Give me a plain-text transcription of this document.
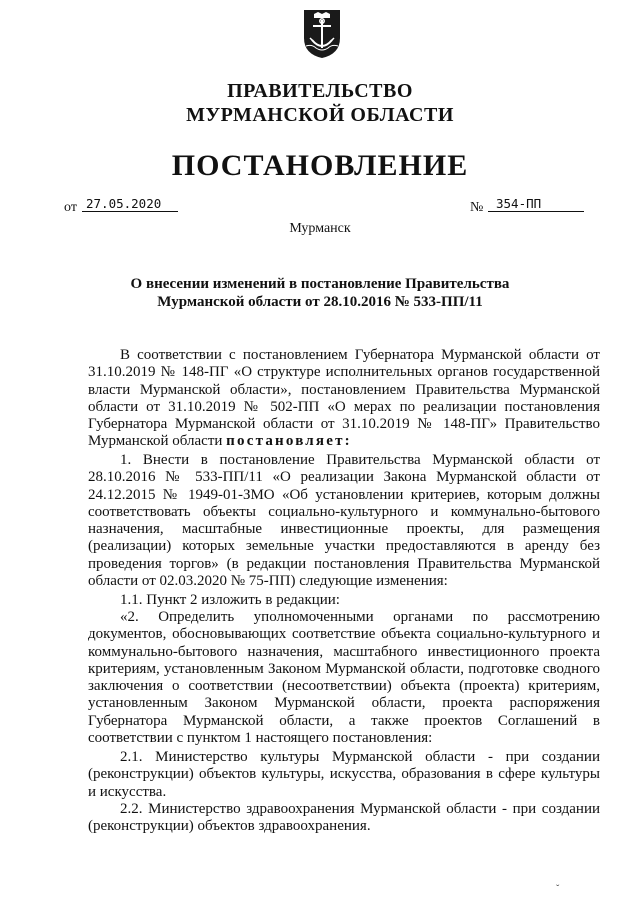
ПРАВИТЕЛЬСТВО
МУРМАНСКОЙ ОБЛАСТИ
ПОСТАНОВЛЕНИЕ
от 27.05.2020	№	354-ПП
Мурманск
О внесении изменений в постановление Правительства
Мурманской области от 28.10.2016 № 533-ПП/11
В соответствии с постановлением Губернатора Мурманской области от 31.10.2019 № 148-ПГ «О структуре исполнительных органов государственной власти Мурманской области», постановлением Правительства Мурманской области от 31.10.2019 № 502-ПП «О мерах по реализации постановления Губернатора Мурманской области от 31.10.2019 № 148-ПГ» Правительство Мурманской области постановляет:
1. Внести в постановление Правительства Мурманской области от 28.10.2016 № 533-ПП/11 «О реализации Закона Мурманской области от 24.12.2015 № 1949-01-ЗМО «Об установлении критериев, которым должны соответствовать объекты социально-культурного и коммунально-бытового назначения, масштабные инвестиционные проекты, для размещения (реализации) которых земельные участки предоставляются в аренду без проведения торгов» (в редакции постановления Правительства Мурманской области от 02.03.2020 № 75-ПП) следующие изменения:
1.1. Пункт 2 изложить в редакции:
«2. Определить уполномоченными органами по рассмотрению документов, обосновывающих соответствие объекта социально-культурного и коммунально-бытового назначения, масштабного инвестиционного проекта критериям, установленным Законом Мурманской области, подготовке сводного заключения о соответствии (несоответствии) объекта (проекта) критериям, установленным Законом Мурманской области, проекта распоряжения Губернатора Мурманской области, а также проектов Соглашений в соответствии с пунктом 1 настоящего постановления:
2.1. Министерство культуры Мурманской области - при создании (реконструкции) объектов культуры, искусства, образования в сфере культуры и искусства.
2.2. Министерство здравоохранения Мурманской области - при создании (реконструкции) объектов здравоохранения.
ˇ
